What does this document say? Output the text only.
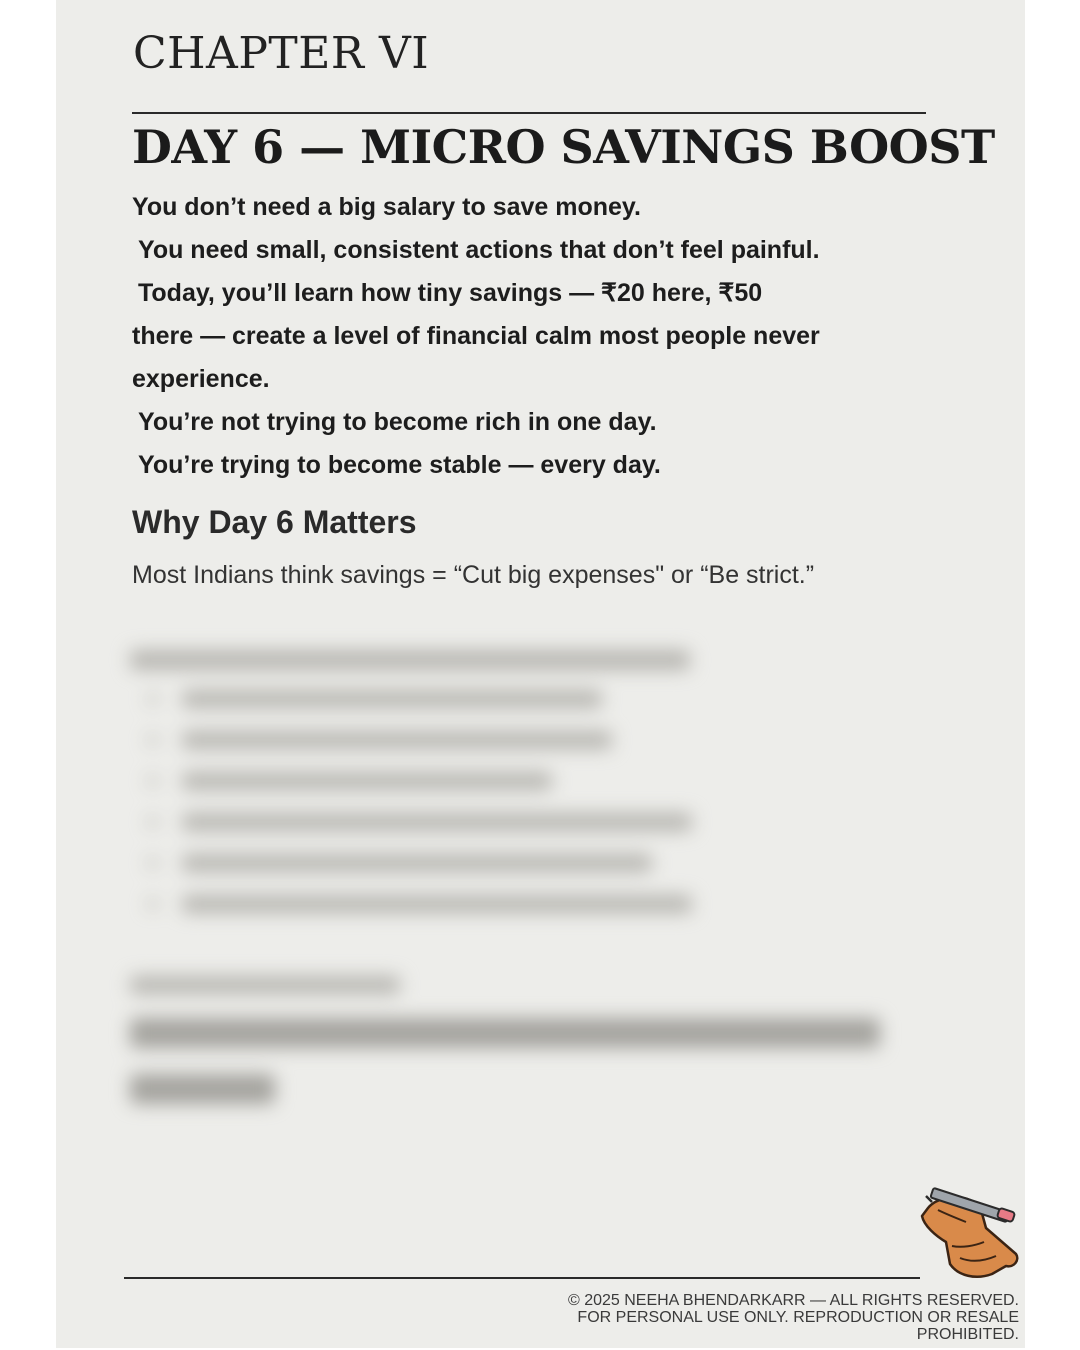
CHAPTER VI
DAY 6 — MICRO SAVINGS BOOST
You don’t need a big salary to save money.
You need small, consistent actions that don’t feel painful.
Today, you’ll learn how tiny savings — ₹20 here, ₹50
there — create a level of financial calm most people never
experience.
You’re not trying to become rich in one day.
You’re trying to become stable — every day.
Why Day 6 Matters
Most Indians think savings = “Cut big expenses" or “Be strict.”
© 2025 NEEHA BHENDARKARR — ALL RIGHTS RESERVED.
FOR PERSONAL USE ONLY. REPRODUCTION OR RESALE
PROHIBITED.
